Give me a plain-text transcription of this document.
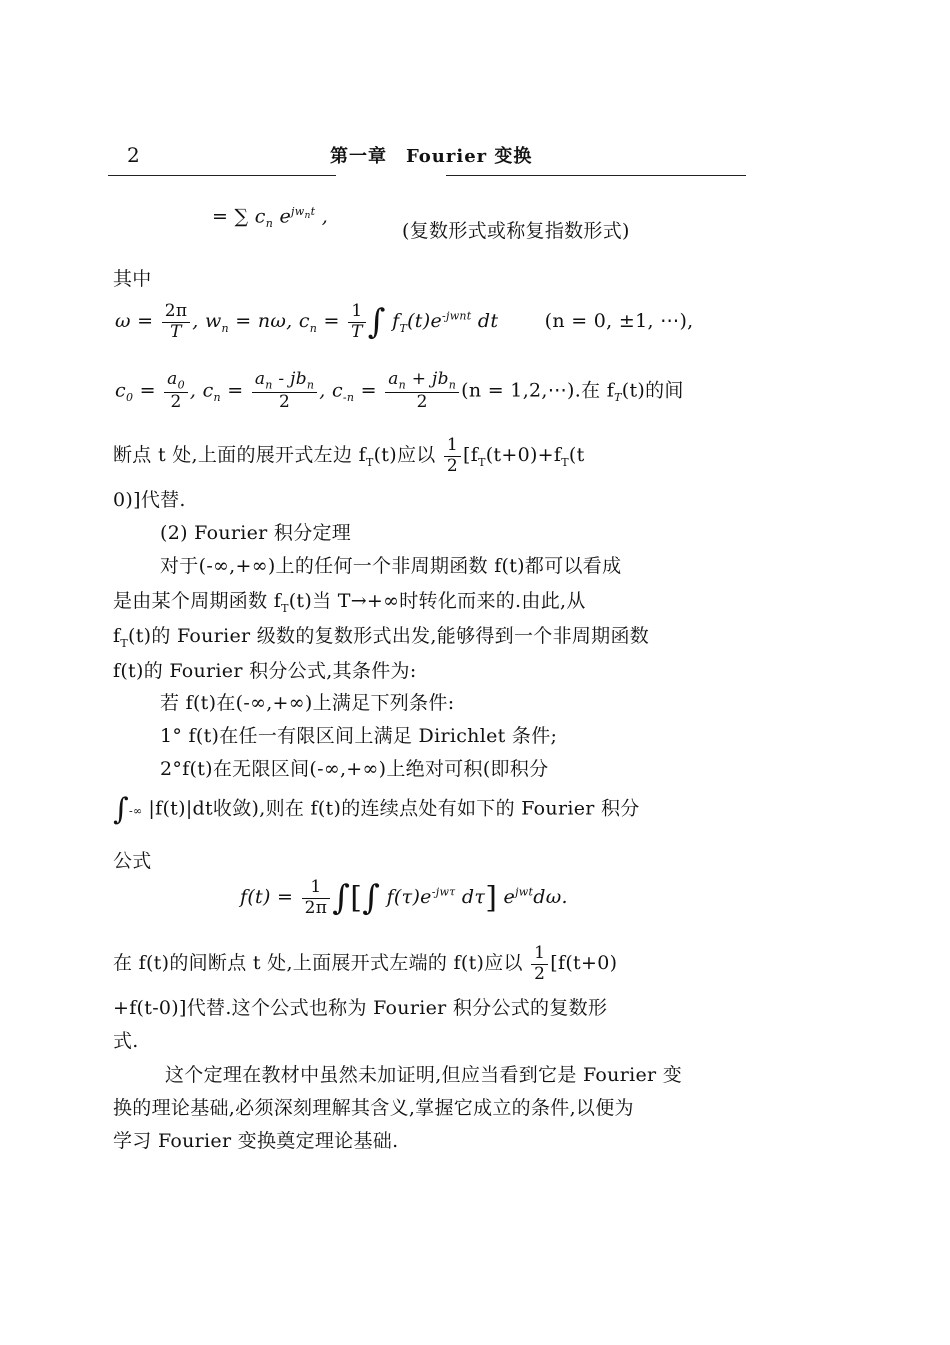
2	第一章　Fourier 变换
= ∑ $c_n$ $e^{jw_nt}$ ,
(复数形式或称复指数形式)
其中
$\omega = \frac{2\pi}{T}$ , $w_n = n\omega$, $c_n = \frac{1}{T}$ ∫ $f_T(t)e^{-jwnt}$ dt (n = 0, ±1, ⋯),
$c_0 = \frac{a_0}{2}$ , $c_n = \frac{a_n - jb_n}{2}$ , $c_{-n} = \frac{a_n + jb_n}{2} (n$ = 1,2,⋯).在 $f_T(t)$的间
断点 t 处,上面的展开式左边 $f_T(t)$应以 $\frac{1}{2} [f_T(t+0)+f_T(t$
0)]代替.
(2) Fourier 积分定理
对于(-∞,+∞)上的任何一个非周期函数 f(t)都可以看成
是由某个周期函数 $f_T(t)$当 T→+∞时转化而来的.由此,从
$f_T(t)$的 Fourier 级数的复数形式出发,能够得到一个非周期函数
f(t)的 Fourier 积分公式,其条件为:
若 f(t)在(-∞,+∞)上满足下列条件:
1° f(t)在任一有限区间上满足 Dirichlet 条件;
2°f(t)在无限区间(-∞,+∞)上绝对可积(即积分
∫-∞ |f(t)|dt收敛),则在 f(t)的连续点处有如下的 Fourier 积分
公式
$f(t) = \frac{1}{2\pi}$ ∫[∫ $f(\tau)e^{-jw\tau}$ dτ] $e^{jwt}d\omega$.
在 f(t)的间断点 t 处,上面展开式左端的 f(t)应以 $\frac{1}{2} [f(t+0)$
+f(t-0)]代替.这个公式也称为 Fourier 积分公式的复数形
式.
这个定理在教材中虽然未加证明,但应当看到它是 Fourier 变
换的理论基础,必须深刻理解其含义,掌握它成立的条件,以便为
学习 Fourier 变换奠定理论基础.
